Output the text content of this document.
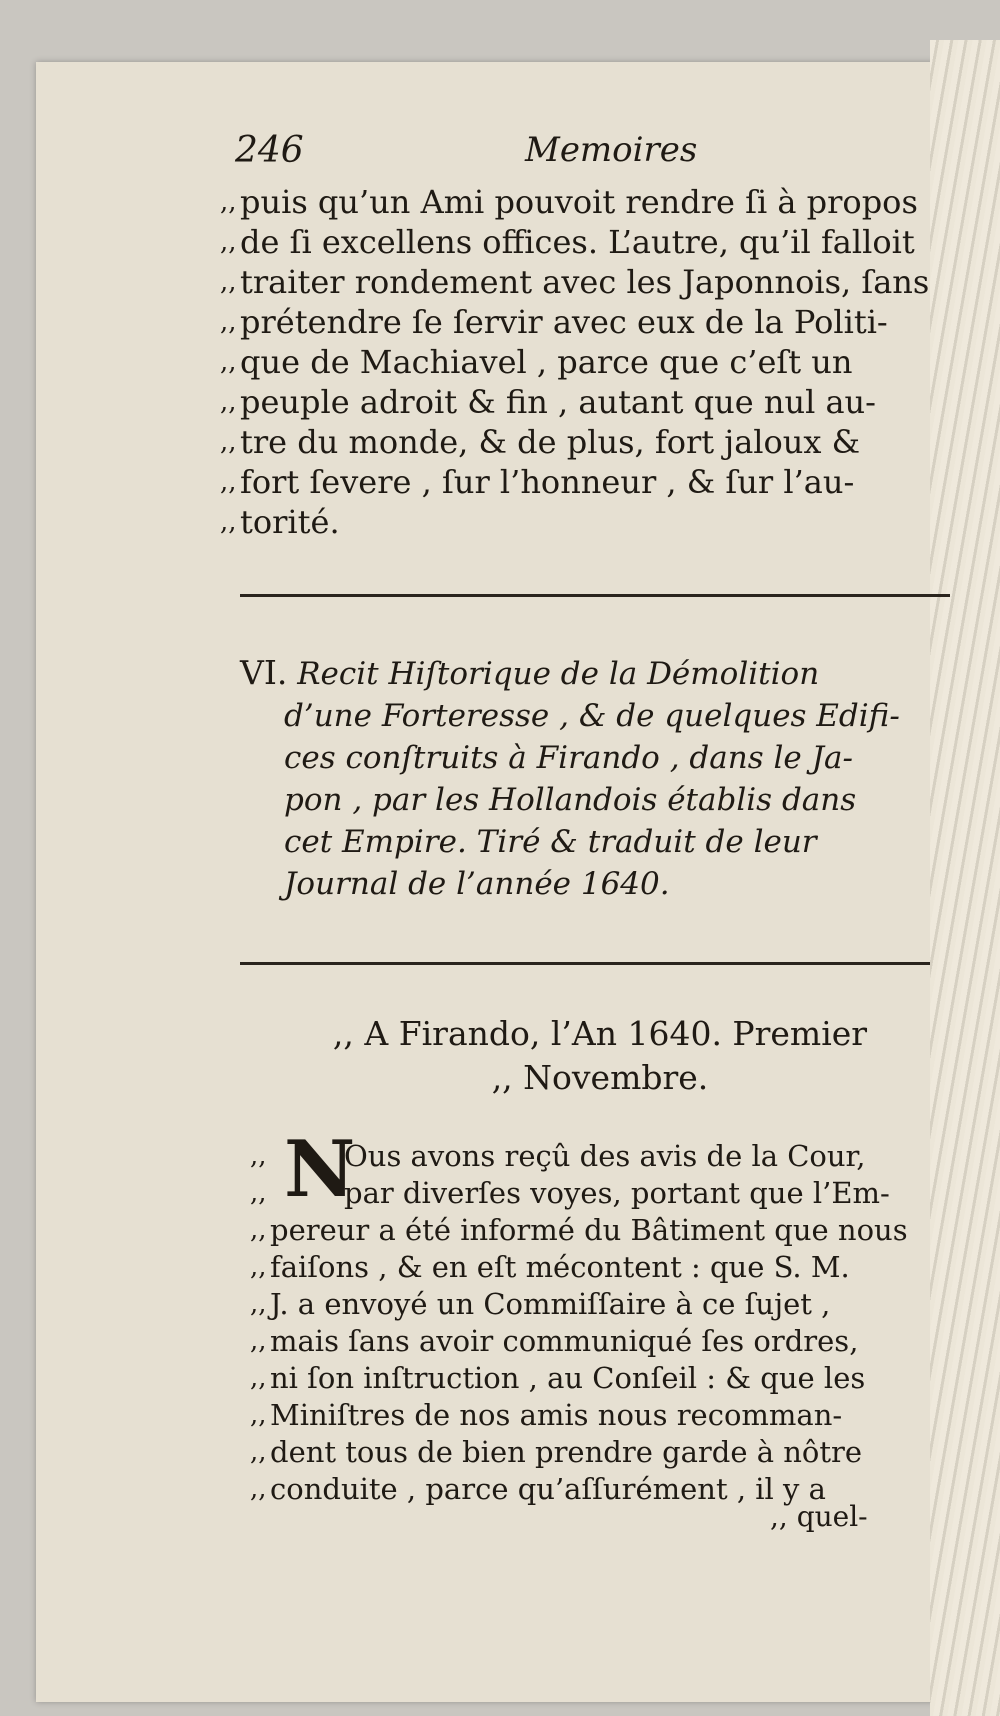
246	Memoires
,, puis qu’un Ami pouvoit rendre ſi à propos
,, de ſi excellens offices. L’autre, qu’il falloit
,, traiter rondement avec les Japonnois, ſans
,, prétendre ſe ſervir avec eux de la Politi-
,, que de Machiavel , parce que c’eſt un
,, peuple adroit & fin , autant que nul au-
,, tre du monde, & de plus, fort jaloux &
,, fort ſevere , ſur l’honneur , & ſur l’au-
,, torité.
VI. Recit Hiſtorique de la Démolition
d’une Forteresse , & de quelques Edifi-
ces conſtruits à Firando , dans le Ja-
pon , par les Hollandois établis dans
cet Empire. Tiré & traduit de leur
Journal de l’année 1640.
,, A Firando, l’An 1640. Premier
,, Novembre.
N
,,	Ous avons reçû des avis de la Cour,
,,	par diverſes voyes, portant que l’Em-
,, pereur a été informé du Bâtiment que nous
,, faiſons , & en eſt mécontent : que S. M.
,, J. a envoyé un Commiſſaire à ce ſujet ,
,, mais ſans avoir communiqué ſes ordres,
,, ni ſon inſtruction , au Conſeil : & que les
,, Miniſtres de nos amis nous recomman-
,, dent tous de bien prendre garde à nôtre
,, conduite , parce qu’aſſurément , il y a
,, quel-
